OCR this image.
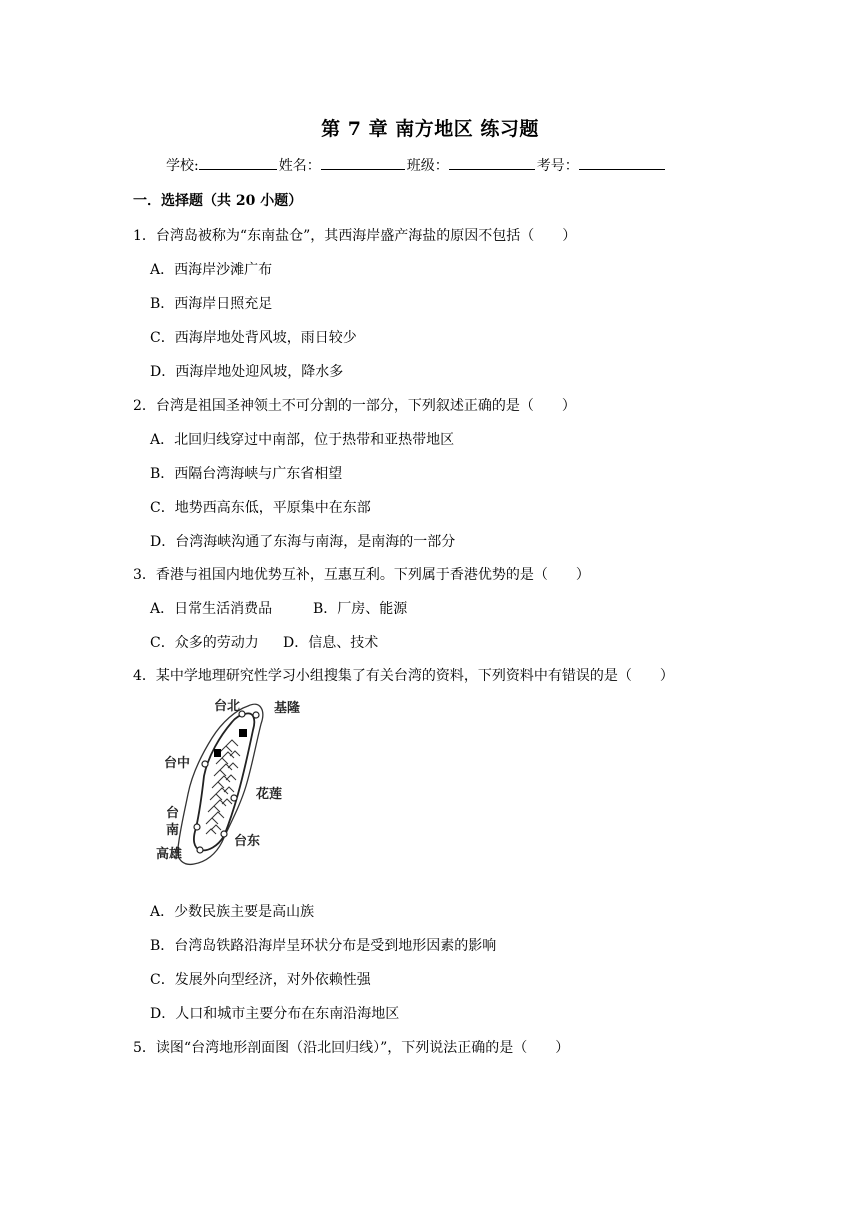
第 7 章 南方地区 练习题
学校:	姓名：	班级：	考号：
一．选择题（共 20 小题）
1．台湾岛被称为“东南盐仓”，其西海岸盛产海盐的原因不包括（　　）
A．西海岸沙滩广布
B．西海岸日照充足
C．西海岸地处背风坡，雨日较少
D．西海岸地处迎风坡，降水多
2．台湾是祖国圣神领土不可分割的一部分，下列叙述正确的是（　　）
A．北回归线穿过中南部，位于热带和亚热带地区
B．西隔台湾海峡与广东省相望
C．地势西高东低，平原集中在东部
D．台湾海峡沟通了东海与南海，是南海的一部分
3．香港与祖国内地优势互补，互惠互利。下列属于香港优势的是（　　）
A．日常生活消费品	B．厂房、能源
C．众多的劳动力 D．信息、技术
4．某中学地理研究性学习小组搜集了有关台湾的资料，下列资料中有错误的是（　　）
台北	基隆
台中
花莲
台
南
台东
高雄
A．少数民族主要是高山族
B．台湾岛铁路沿海岸呈环状分布是受到地形因素的影响
C．发展外向型经济，对外依赖性强
D．人口和城市主要分布在东南沿海地区
5．读图“台湾地形剖面图（沿北回归线）”，下列说法正确的是（　　）
